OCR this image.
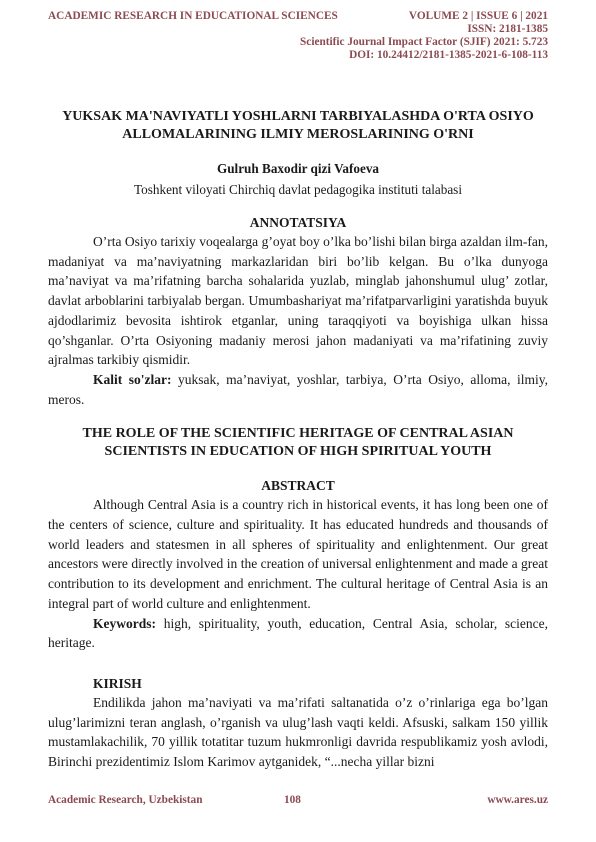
ACADEMIC RESEARCH IN EDUCATIONAL SCIENCES	VOLUME 2 | ISSUE 6 | 2021
ISSN: 2181-1385
Scientific Journal Impact Factor (SJIF) 2021: 5.723
DOI: 10.24412/2181-1385-2021-6-108-113

YUKSAK MA'NAVIYATLI YOSHLARNI TARBIYALASHDA O'RTA OSIYO ALLOMALARINING ILMIY MEROSLARINING O'RNI

Gulruh Baxodir qizi Vafoeva

Toshkent viloyati Chirchiq davlat pedagogika instituti talabasi

ANNOTATSIYA

O’rta Osiyo tarixiy voqealarga g’oyat boy o’lka bo’lishi bilan birga azaldan ilm-fan, madaniyat va ma’naviyatning markazlaridan biri bo’lib kelgan. Bu o’lka dunyoga ma’naviyat va ma’rifatning barcha sohalarida yuzlab, minglab jahonshumul ulug’ zotlar, davlat arboblarini tarbiyalab bergan. Umumbashariyat ma’rifatparvarligini yaratishda buyuk ajdodlarimiz bevosita ishtirok etganlar, uning taraqqiyoti va boyishiga ulkan hissa qo’shganlar. O’rta Osiyoning madaniy merosi jahon madaniyati va ma’rifatining zuviy ajralmas tarkibiy qismidir.

Kalit so'zlar: yuksak, ma’naviyat, yoshlar, tarbiya, O’rta Osiyo, alloma, ilmiy, meros.

THE ROLE OF THE SCIENTIFIC HERITAGE OF CENTRAL ASIAN SCIENTISTS IN EDUCATION OF HIGH SPIRITUAL YOUTH

ABSTRACT

Although Central Asia is a country rich in historical events, it has long been one of the centers of science, culture and spirituality. It has educated hundreds and thousands of world leaders and statesmen in all spheres of spirituality and enlightenment. Our great ancestors were directly involved in the creation of universal enlightenment and made a great contribution to its development and enrichment. The cultural heritage of Central Asia is an integral part of world culture and enlightenment.

Keywords: high, spirituality, youth, education, Central Asia, scholar, science, heritage.

KIRISH

Endilikda jahon ma’naviyati va ma’rifati saltanatida o’z o’rinlariga ega bo’lgan ulug’larimizni teran anglash, o’rganish va ulug’lash vaqti keldi. Afsuski, salkam 150 yillik mustamlakachilik, 70 yillik totatitar tuzum hukmronligi davrida respublikamiz yosh avlodi, Birinchi prezidentimiz Islom Karimov aytganidek, “...necha yillar bizni

Academic Research, Uzbekistan	108	www.ares.uz
